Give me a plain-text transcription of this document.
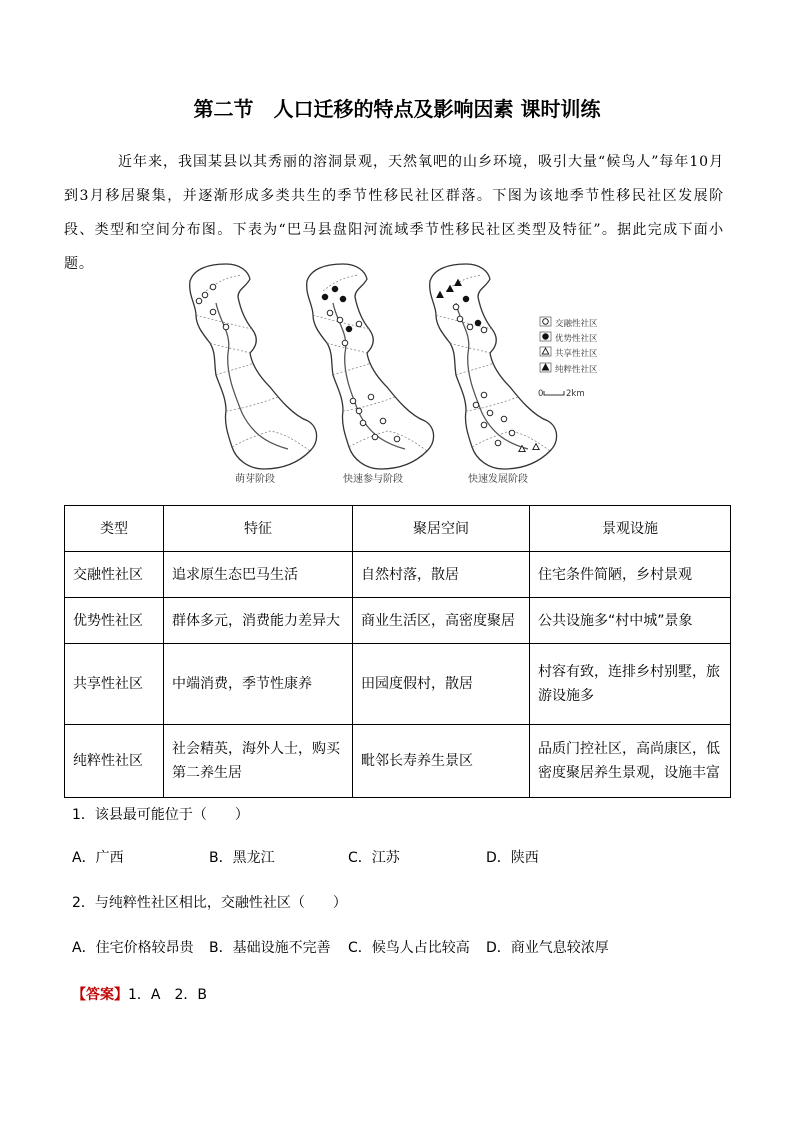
第二节　人口迁移的特点及影响因素 课时训练

近年来，我国某县以其秀丽的溶洞景观，天然氧吧的山乡环境，吸引大量“候鸟人”每年10月到3月移居聚集，并逐渐形成多类共生的季节性移民社区群落。下图为该地季节性移民社区发展阶段、类型和空间分布图。下表为“巴马县盘阳河流域季节性移民社区类型及特征”。据此完成下面小题。

萌芽阶段	快速参与阶段	快速发展阶段
交融性社区
优势性社区
共享性社区
纯粹性社区
0	2km
类型	特征	聚居空间	景观设施
交融性社区	追求原生态巴马生活	自然村落，散居	住宅条件简陋，乡村景观
优势性社区	群体多元，消费能力差异大	商业生活区，高密度聚居	公共设施多“村中城”景象
共享性社区	中端消费，季节性康养	田园度假村，散居	村容有致，连排乡村别墅，旅游设施多
纯粹性社区	社会精英，海外人士，购买第二养生居	毗邻长寿养生景区	品质门控社区，高尚康区，低密度聚居养生景观，设施丰富
1．该县最可能位于（　　）
A．广西	B．黑龙江	C．江苏	D．陕西
2．与纯粹性社区相比，交融性社区（　　）
A．住宅价格较昂贵	B．基础设施不完善	C．候鸟人占比较高	D．商业气息较浓厚
【答案】1．A　2．B
